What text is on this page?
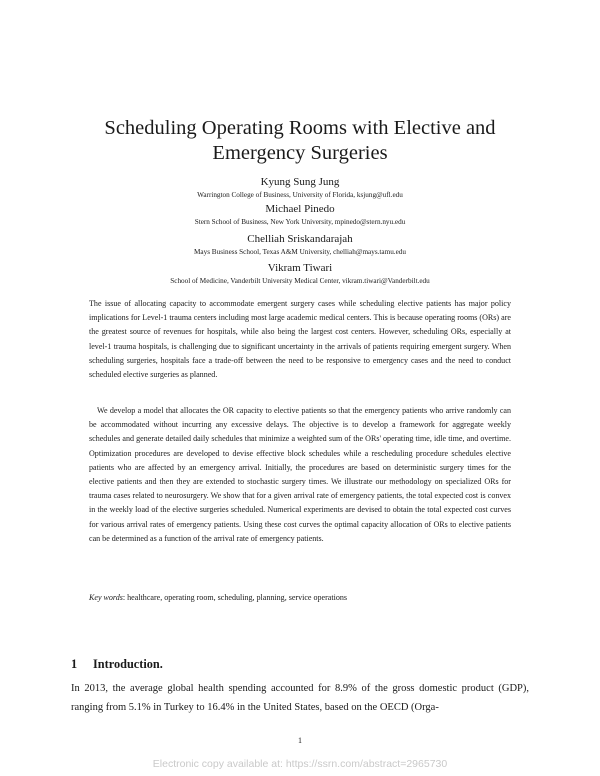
Scheduling Operating Rooms with Elective and Emergency Surgeries
Kyung Sung Jung
Warrington College of Business, University of Florida, ksjung@ufl.edu
Michael Pinedo
Stern School of Business, New York University, mpinedo@stern.nyu.edu
Chelliah Sriskandarajah
Mays Business School, Texas A&M University, chelliah@mays.tamu.edu
Vikram Tiwari
School of Medicine, Vanderbilt University Medical Center, vikram.tiwari@Vanderbilt.edu

The issue of allocating capacity to accommodate emergent surgery cases while scheduling elective patients has major policy implications for Level-1 trauma centers including most large academic medical centers. This is because operating rooms (ORs) are the greatest source of revenues for hospitals, while also being the largest cost centers. However, scheduling ORs, especially at level-1 trauma hospitals, is challenging due to significant uncertainty in the arrivals of patients requiring emergent surgery. When scheduling surgeries, hospitals face a trade-off between the need to be responsive to emergency cases and the need to conduct scheduled elective surgeries as planned.

We develop a model that allocates the OR capacity to elective patients so that the emergency patients who arrive randomly can be accommodated without incurring any excessive delays. The objective is to develop a framework for aggregate weekly schedules and generate detailed daily schedules that minimize a weighted sum of the ORs' operating time, idle time, and overtime. Optimization procedures are developed to devise effective block schedules while a rescheduling procedure schedules elective patients who are affected by an emergency arrival. Initially, the procedures are based on deterministic surgery times for the elective patients and then they are extended to stochastic surgery times. We illustrate our methodology on specialized ORs for trauma cases related to neurosurgery. We show that for a given arrival rate of emergency patients, the total expected cost is convex in the weekly load of the elective surgeries scheduled. Numerical experiments are devised to obtain the total expected cost curves for various arrival rates of emergency patients. Using these cost curves the optimal capacity allocation of ORs to elective patients can be determined as a function of the arrival rate of emergency patients.

Key words: healthcare, operating room, scheduling, planning, service operations
1 Introduction.

In 2013, the average global health spending accounted for 8.9% of the gross domestic product (GDP), ranging from 5.1% in Turkey to 16.4% in the United States, based on the OECD (Orga-

1
Electronic copy available at: https://ssrn.com/abstract=2965730
